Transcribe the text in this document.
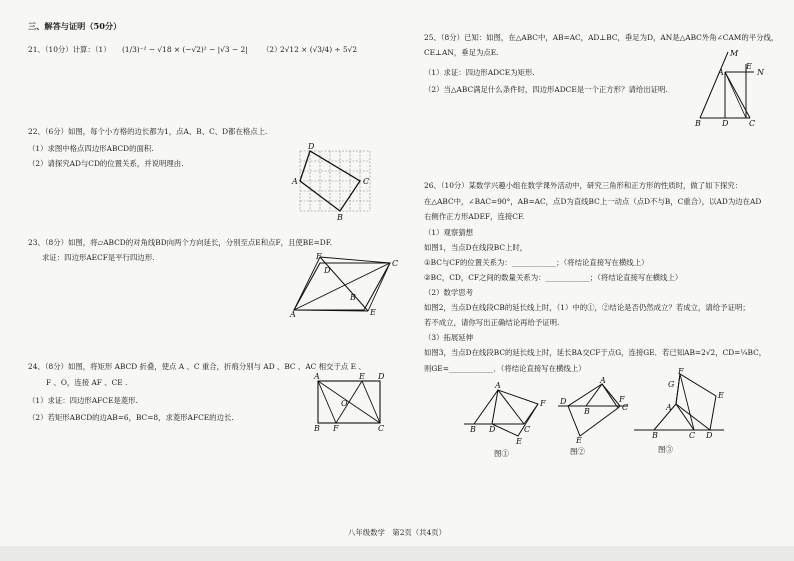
三、解答与证明（50分）
21、（10分）计算：（1） (1/3)⁻² − √18 × (−√2)² − |√3 − 2| （2）
2√12 × (√3/4) ÷ 5√2
22、（6分）如图，每个小方格的边长都为1，点A、B、C、D都在格点上.
（1）求图中格点四边形ABCD的面积.
（2）请探究AD与CD的位置关系，并说明理由.
D
A	C
B
23、（8分）如图，将▱ABCD的对角线BD向两个方向延长，分别至点E和点F，且使BE=DF.
求证：四边形AECF是平行四边形.	F
D
C
A
B
E
24、（8分）如图，将矩形 ABCD 折叠，使点 A 、C 重合，折痕分别与 AD 、BC 、AC 相交于点 E 、
F 、O，连接 AF 、CE .
（1）求证：四边形AFCE是菱形.
（2）若矩形ABCD的边AB=6，BC=8，求菱形AFCE的边长.
A	E D
O
B F	C
25、（8分）已知：如图，在△ABC中，AB=AC，AD⊥BC，垂足为D，AN是△ABC外角∠CAM的平分线，
CE⊥AN，垂足为点E.
（1）求证：四边形ADCE为矩形.
（2）当△ABC满足什么条件时，四边形ADCE是一个正方形？请给出证明.
M
A
E
N
B	D	C
26、（10分）某数学兴趣小组在数学课外活动中，研究三角形和正方形的性质时，做了如下探究：
在△ABC中，∠BAC=90°，AB=AC，点D为直线BC上一动点（点D不与B，C重合），以AD为边在AD
右侧作正方形ADEF，连接CF.
（1）观察猜想
如图1，当点D在线段BC上时，
①BC与CF的位置关系为：____________；（将结论直接写在横线上）
②BC，CD，CF之间的数量关系为：____________；（将结论直接写在横线上）
（2）数学思考
如图2，当点D在线段CB的延长线上时，（1）中的①，②结论是否仍然成立？若成立，请给予证明；
若不成立，请你写出正确结论再给予证明.
（3）拓展延伸
如图3，当点D在线段BC的延长线上时，延长BA交CF于点G，连接GE．若已知AB=2√2，CD=¼BC，
则GE=____________．（将结论直接写在横线上）
A
F
B D	C
E
图①
A
D
B	C
F
E
图②
F
G
E
A
B	C D
图③
八年级数学　第2页（共4页）
